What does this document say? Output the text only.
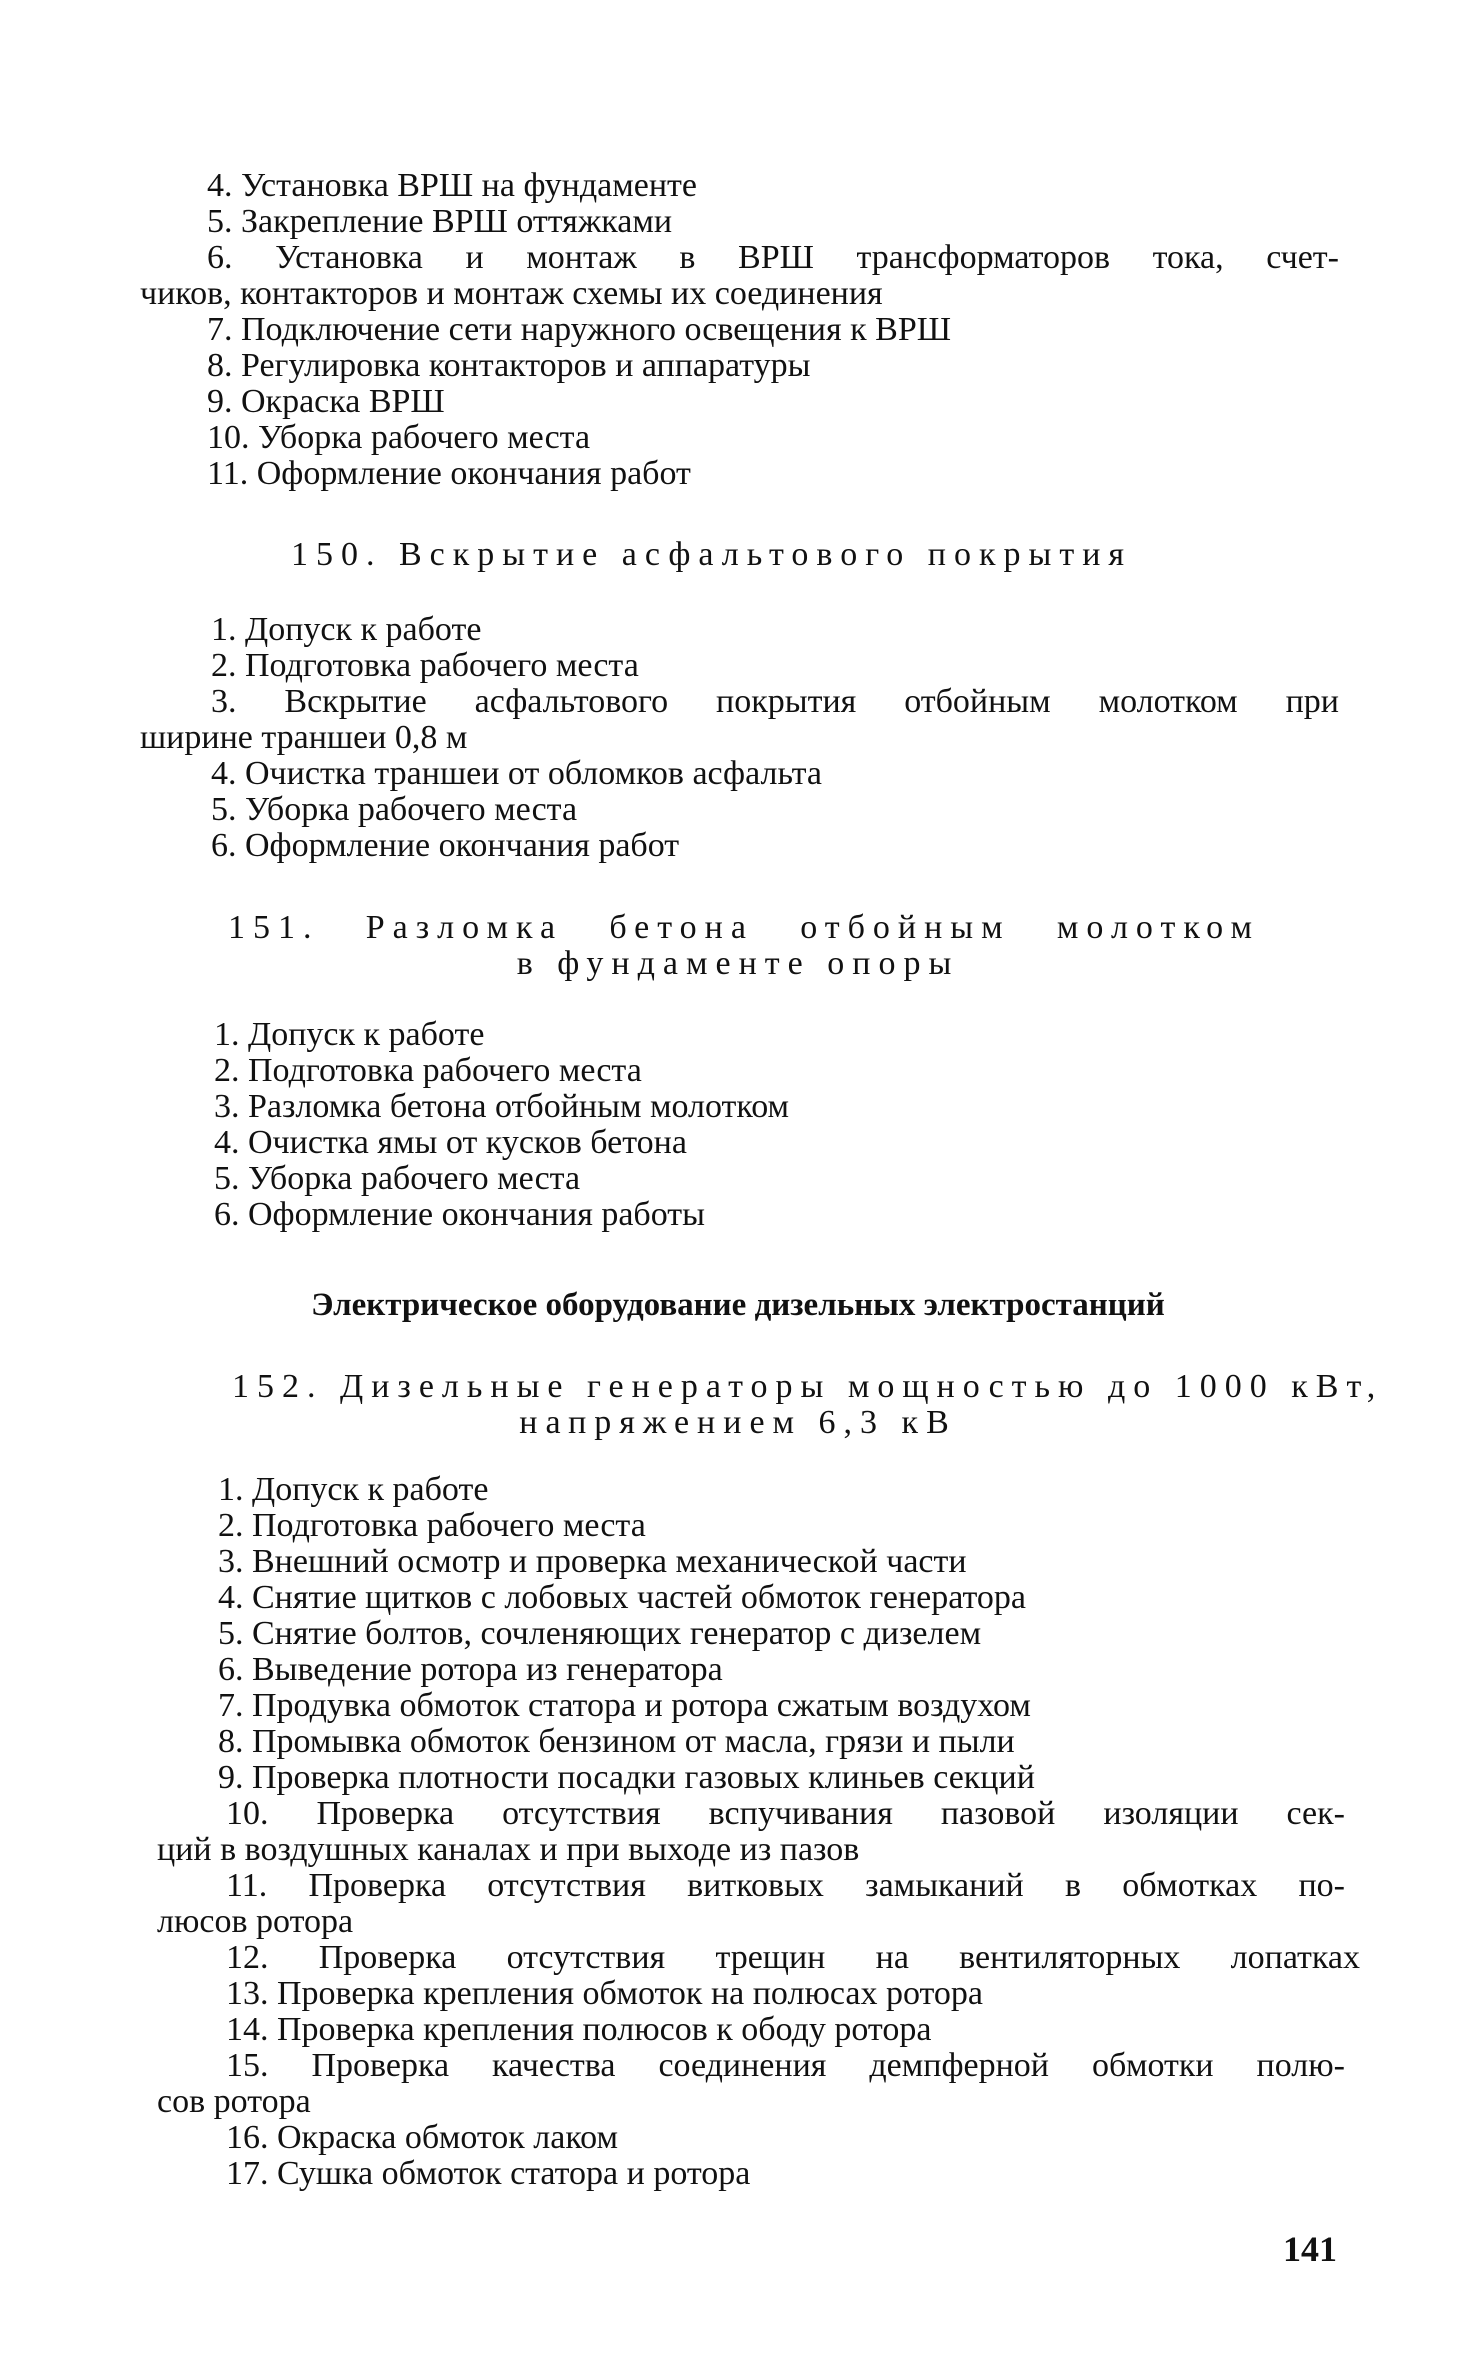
4. Установка ВРШ на фундаменте
5. Закрепление ВРШ оттяжками
6. Установка и монтаж в ВРШ трансформаторов тока, счет-
чиков, контакторов и монтаж схемы их соединения
7. Подключение сети наружного освещения к ВРШ
8. Регулировка контакторов и аппаратуры
9. Окраска ВРШ
10. Уборка рабочего места
11. Оформление окончания работ
150. Вскрытие асфальтового покрытия
1. Допуск к работе
2. Подготовка рабочего места
3. Вскрытие асфальтового покрытия отбойным молотком при
ширине траншеи 0,8 м
4. Очистка траншеи от обломков асфальта
5. Уборка рабочего места
6. Оформление окончания работ
151. Разломка бетона отбойным молотком
в фундаменте опоры
1. Допуск к работе
2. Подготовка рабочего места
3. Разломка бетона отбойным молотком
4. Очистка ямы от кусков бетона
5. Уборка рабочего места
6. Оформление окончания работы
Электрическое оборудование дизельных электростанций
152. Дизельные генераторы мощностью до 1000 кВт,
напряжением 6,3 кВ
1. Допуск к работе
2. Подготовка рабочего места
3. Внешний осмотр и проверка механической части
4. Снятие щитков с лобовых частей обмоток генератора
5. Снятие болтов, сочленяющих генератор с дизелем
6. Выведение ротора из генератора
7. Продувка обмоток статора и ротора сжатым воздухом
8. Промывка обмоток бензином от масла, грязи и пыли
9. Проверка плотности посадки газовых клиньев секций
10. Проверка отсутствия вспучивания пазовой изоляции сек-
ций в воздушных каналах и при выходе из пазов
11. Проверка отсутствия витковых замыканий в обмотках по-
люсов ротора
12. Проверка отсутствия трещин на вентиляторных лопатках
13. Проверка крепления обмоток на полюсах ротора
14. Проверка крепления полюсов к ободу ротора
15. Проверка качества соединения демпферной обмотки полю-
сов ротора
16. Окраска обмоток лаком
17. Сушка обмоток статора и ротора
141
